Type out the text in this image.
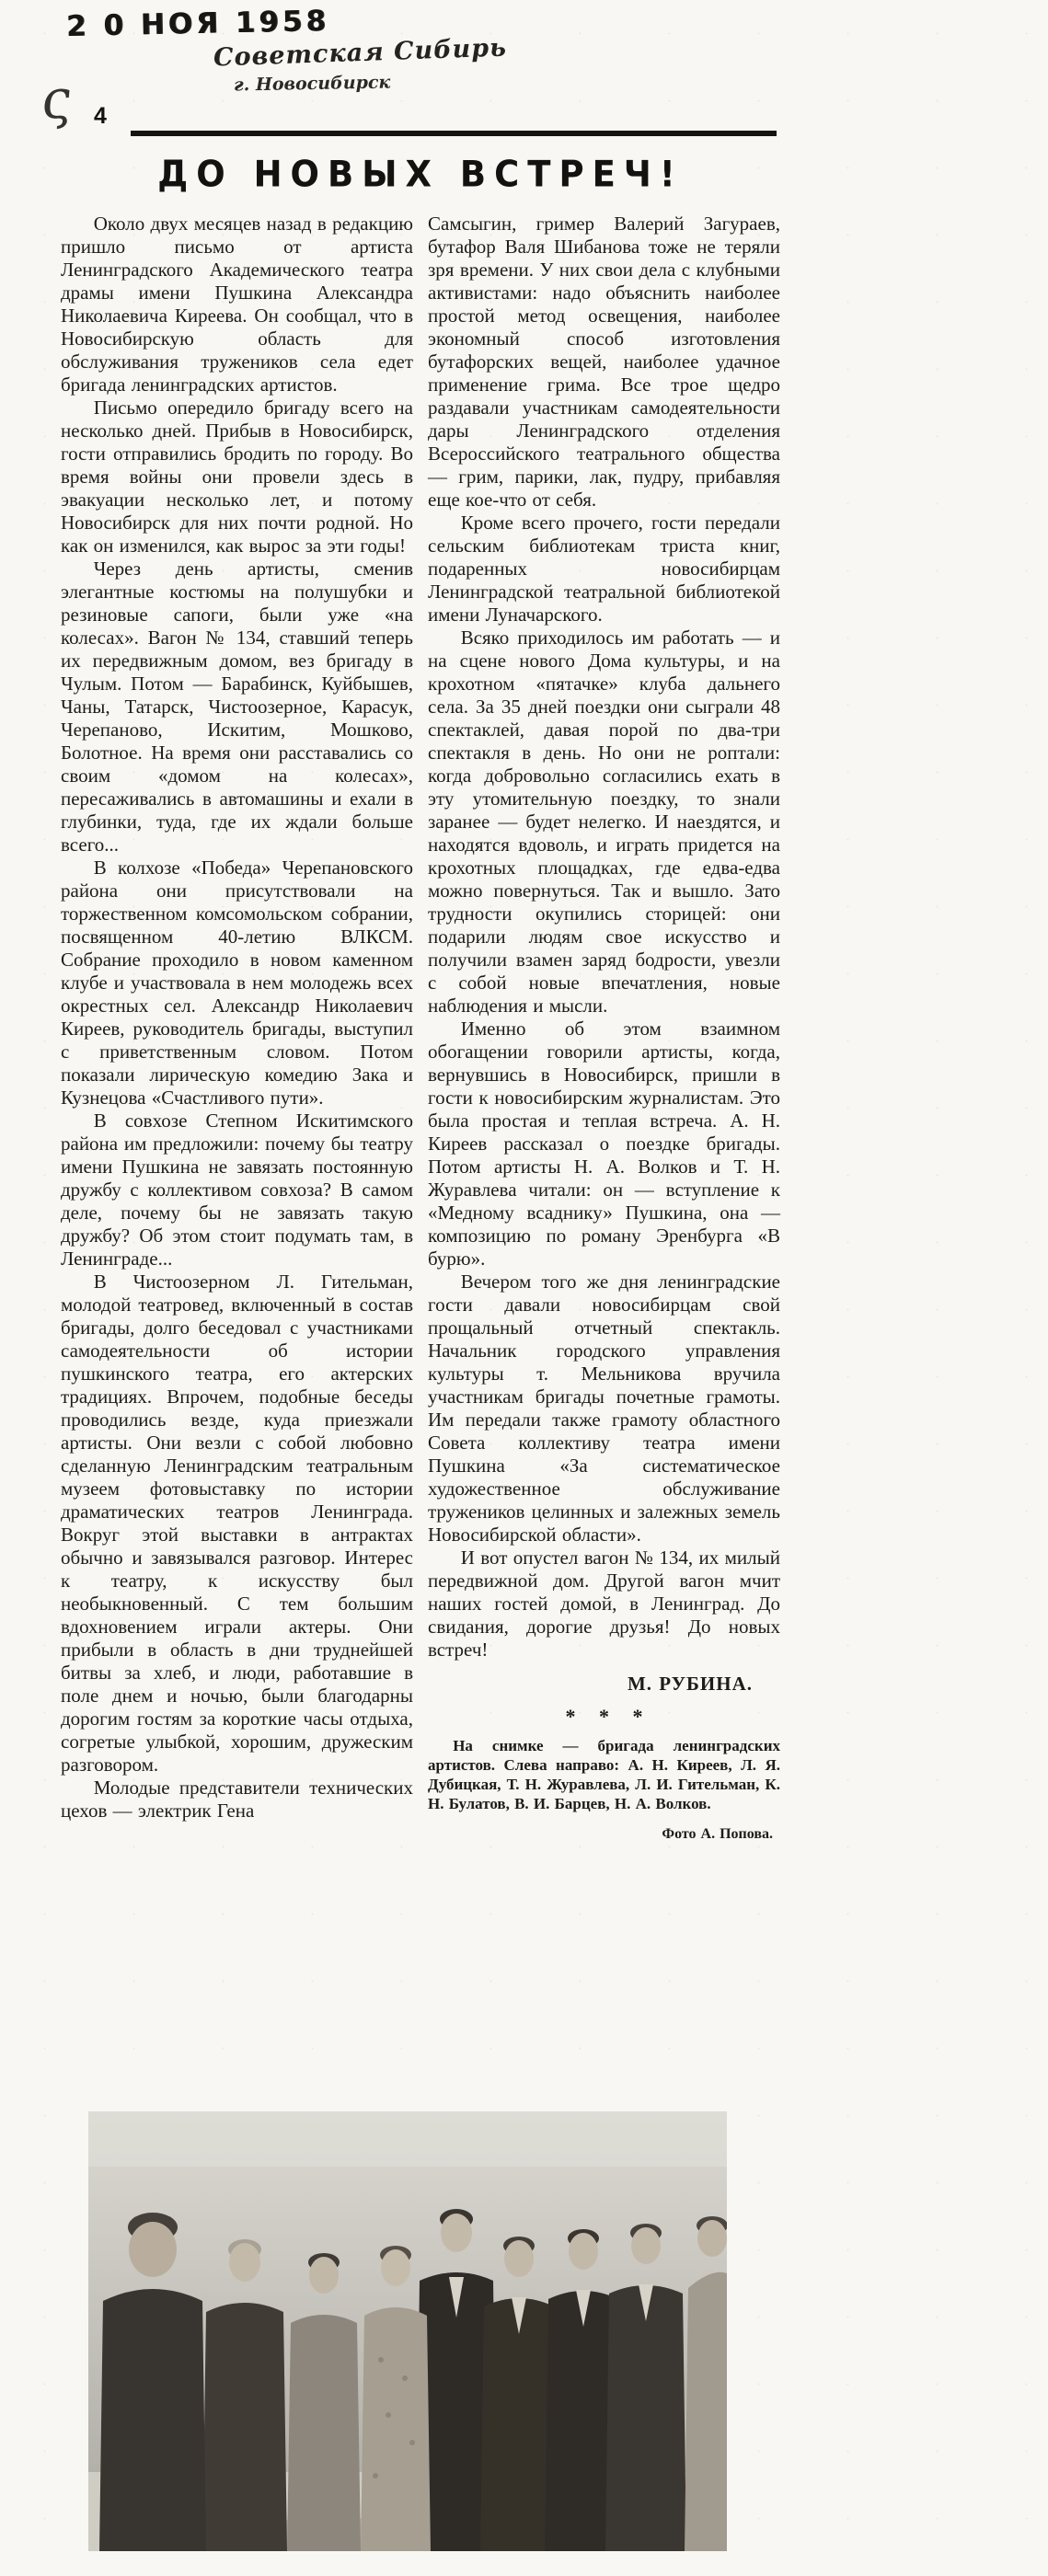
2 0 НОЯ 1958
Советская Сибирь
г. Новосибирск
ς 4
ДО НОВЫХ ВСТРЕЧ!

Около двух месяцев назад в редакцию пришло письмо от артиста Ленинградского Академического театра драмы имени Пушкина Александра Николаевича Киреева. Он сообщал, что в Новосибирскую область для обслуживания тружеников села едет бригада ленинградских артистов.

Письмо опередило бригаду всего на несколько дней. Прибыв в Новосибирск, гости отправились бродить по городу. Во время войны они провели здесь в эвакуации несколько лет, и потому Новосибирск для них почти родной. Но как он изменился, как вырос за эти годы!

Через день артисты, сменив элегантные костюмы на полушубки и резиновые сапоги, были уже «на колесах». Вагон № 134, ставший теперь их передвижным домом, вез бригаду в Чулым. Потом — Барабинск, Куйбышев, Чаны, Татарск, Чистоозерное, Карасук, Черепаново, Искитим, Мошково, Болотное. На время они расставались со своим «домом на колесах», пересаживались в автомашины и ехали в глубинки, туда, где их ждали больше всего...

В колхозе «Победа» Черепановского района они присутствовали на торжественном комсомольском собрании, посвященном 40-летию ВЛКСМ. Собрание проходило в новом каменном клубе и участвовала в нем молодежь всех окрестных сел. Александр Николаевич Киреев, руководитель бригады, выступил с приветственным словом. Потом показали лирическую комедию Зака и Кузнецова «Счастливого пути».

В совхозе Степном Искитимского района им предложили: почему бы театру имени Пушкина не завязать постоянную дружбу с коллективом совхоза? В самом деле, почему бы не завязать такую дружбу? Об этом стоит подумать там, в Ленинграде...

В Чистоозерном Л. Гительман, молодой театровед, включенный в состав бригады, долго беседовал с участниками самодеятельности об истории пушкинского театра, его актерских традициях. Впрочем, подобные беседы проводились везде, куда приезжали артисты. Они везли с собой любовно сделанную Ленинградским театральным музеем фотовыставку по истории драматических театров Ленинграда. Вокруг этой выставки в антрактах обычно и завязывался разговор. Интерес к театру, к искусству был необыкновенный. С тем большим вдохновением играли актеры. Они прибыли в область в дни труднейшей битвы за хлеб, и люди, работавшие в поле днем и ночью, были благодарны дорогим гостям за короткие часы отдыха, согретые улыбкой, хорошим, дружеским разговором.

Молодые представители технических цехов — электрик Гена

Самсыгин, гример Валерий Загураев, бутафор Валя Шибанова тоже не теряли зря времени. У них свои дела с клубными активистами: надо объяснить наиболее простой метод освещения, наиболее экономный способ изготовления бутафорских вещей, наиболее удачное применение грима. Все трое щедро раздавали участникам самодеятельности дары Ленинградского отделения Всероссийского театрального общества — грим, парики, лак, пудру, прибавляя еще кое-что от себя.

Кроме всего прочего, гости передали сельским библиотекам триста книг, подаренных новосибирцам Ленинградской театральной библиотекой имени Луначарского.

Всяко приходилось им работать — и на сцене нового Дома культуры, и на крохотном «пятачке» клуба дальнего села. За 35 дней поездки они сыграли 48 спектаклей, давая порой по два-три спектакля в день. Но они не роптали: когда добровольно согласились ехать в эту утомительную поездку, то знали заранее — будет нелегко. И наездятся, и находятся вдоволь, и играть придется на крохотных площадках, где едва-едва можно повернуться. Так и вышло. Зато трудности окупились сторицей: они подарили людям свое искусство и получили взамен заряд бодрости, увезли с собой новые впечатления, новые наблюдения и мысли.

Именно об этом взаимном обогащении говорили артисты, когда, вернувшись в Новосибирск, пришли в гости к новосибирским журналистам. Это была простая и теплая встреча. А. Н. Киреев рассказал о поездке бригады. Потом артисты Н. А. Волков и Т. Н. Журавлева читали: он — вступление к «Медному всаднику» Пушкина, она — композицию по роману Эренбурга «В бурю».

Вечером того же дня ленинградские гости давали новосибирцам свой прощальный отчетный спектакль. Начальник городского управления культуры т. Мельникова вручила участникам бригады почетные грамоты. Им передали также грамоту областного Совета коллективу театра имени Пушкина «За систематическое художественное обслуживание тружеников целинных и залежных земель Новосибирской области».

И вот опустел вагон № 134, их милый передвижной дом. Другой вагон мчит наших гостей домой, в Ленинград. До свидания, дорогие друзья! До новых встреч!

М. РУБИНА.

* * *

На снимке — бригада ленинградских артистов. Слева направо: А. Н. Киреев, Л. Я. Дубицкая, Т. Н. Журавлева, Л. И. Гительман, К. Н. Булатов, В. И. Барцев, Н. А. Волков.

Фото А. Попова.
